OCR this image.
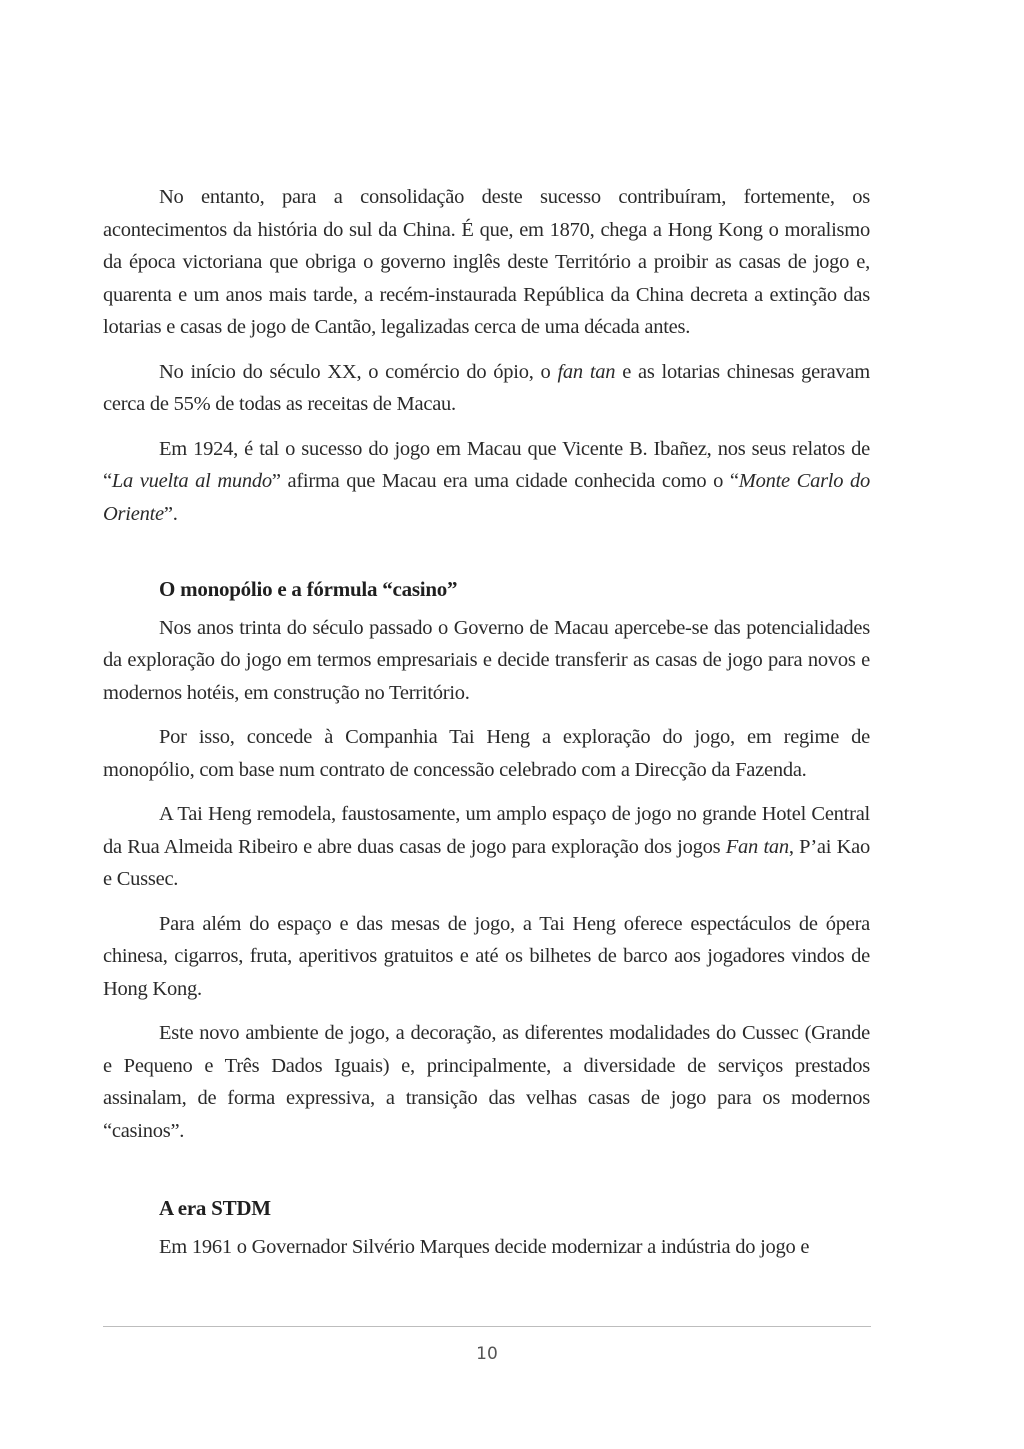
No entanto, para a consolidação deste sucesso contribuíram, fortemente, os acontecimentos da história do sul da China. É que, em 1870, chega a Hong Kong o moralismo da época victoriana que obriga o governo inglês deste Território a proibir as casas de jogo e, quarenta e um anos mais tarde, a recém-instaurada República da China decreta a extinção das lotarias e casas de jogo de Cantão, legalizadas cerca de uma década antes.

No início do século XX, o comércio do ópio, o fan tan e as lotarias chinesas geravam cerca de 55% de todas as receitas de Macau.

Em 1924, é tal o sucesso do jogo em Macau que Vicente B. Ibañez, nos seus relatos de “La vuelta al mundo” afirma que Macau era uma cidade conhecida como o “Monte Carlo do Oriente”.

O monopólio e a fórmula “casino”

Nos anos trinta do século passado o Governo de Macau apercebe-se das potencialidades da exploração do jogo em termos empresariais e decide transferir as casas de jogo para novos e modernos hotéis, em construção no Território.

Por isso, concede à Companhia Tai Heng a exploração do jogo, em regime de monopólio, com base num contrato de concessão celebrado com a Direcção da Fazenda.

A Tai Heng remodela, faustosamente, um amplo espaço de jogo no grande Hotel Central da Rua Almeida Ribeiro e abre duas casas de jogo para exploração dos jogos Fan tan, P’ai Kao e Cussec.

Para além do espaço e das mesas de jogo, a Tai Heng oferece espectáculos de ópera chinesa, cigarros, fruta, aperitivos gratuitos e até os bilhetes de barco aos jogadores vindos de Hong Kong.

Este novo ambiente de jogo, a decoração, as diferentes modalidades do Cussec (Grande e Pequeno e Três Dados Iguais) e, principalmente, a diversidade de serviços prestados assinalam, de forma expressiva, a transição das velhas casas de jogo para os modernos “casinos”.

A era STDM

Em 1961 o Governador Silvério Marques decide modernizar a indústria do jogo e

10
